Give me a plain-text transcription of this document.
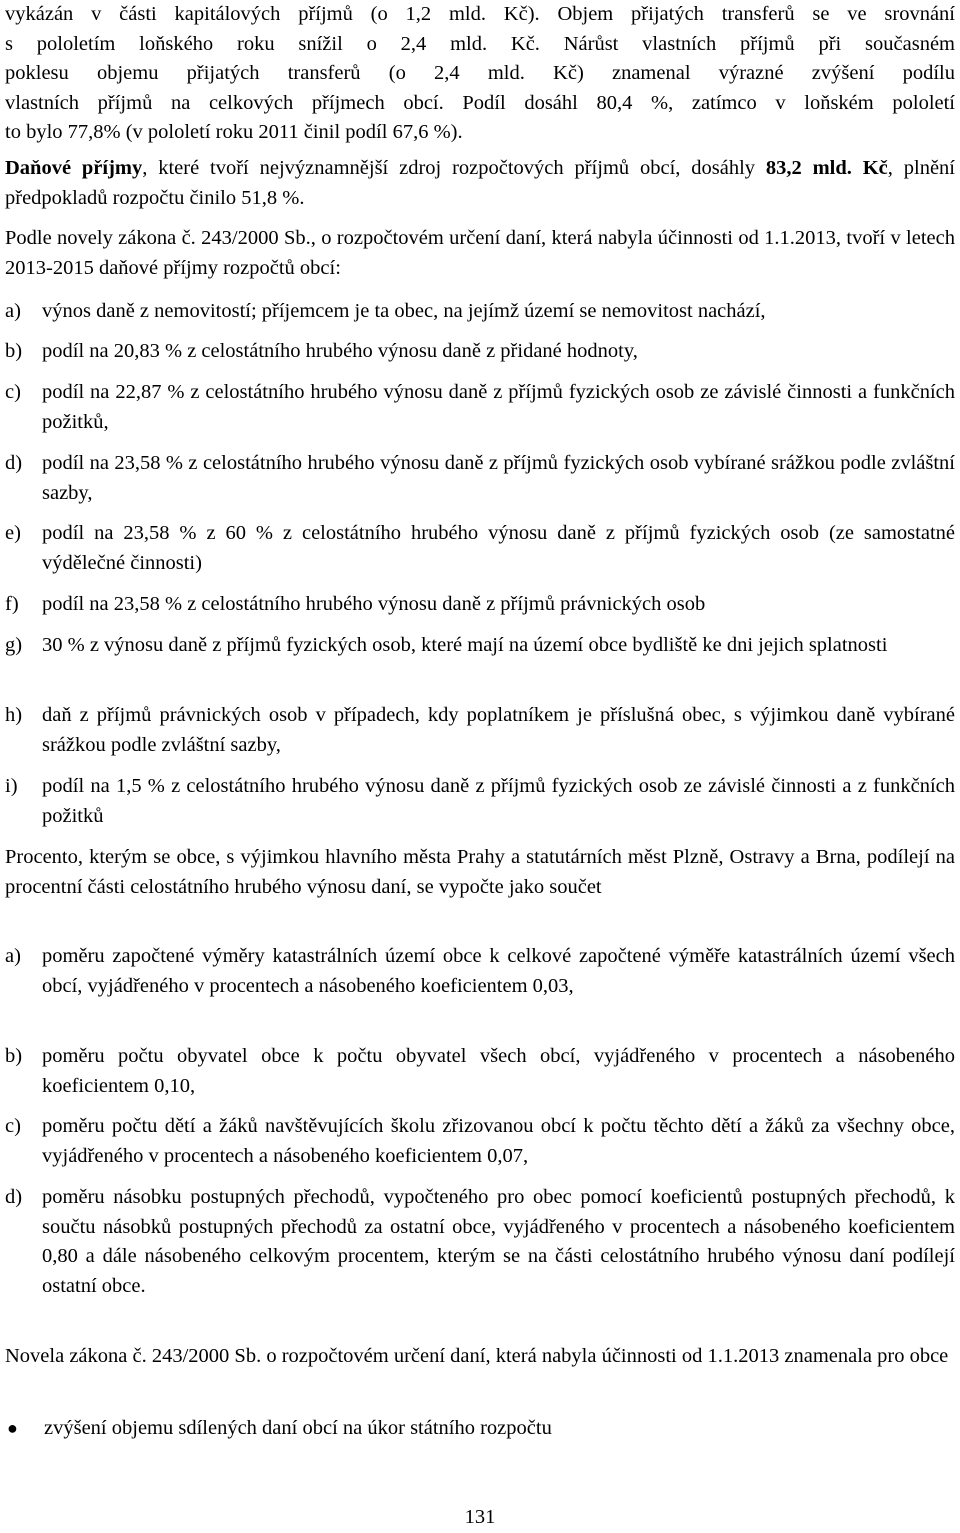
vykázán v části kapitálových příjmů (o 1,2 mld. Kč). Objem přijatých transferů se ve srovnání

s pololetím loňského roku snížil o 2,4 mld. Kč. Nárůst vlastních příjmů při současném

poklesu objemu přijatých transferů (o 2,4 mld. Kč) znamenal výrazné zvýšení podílu

vlastních příjmů na celkových příjmech obcí. Podíl dosáhl 80,4 %, zatímco v loňském pololetí

to bylo 77,8% (v pololetí roku 2011 činil podíl 67,6 %).

Daňové příjmy, které tvoří nejvýznamnější zdroj rozpočtových příjmů obcí, dosáhly 83,2 mld. Kč, plnění předpokladů rozpočtu činilo 51,8 %.

Podle novely zákona č. 243/2000 Sb., o rozpočtovém určení daní, která nabyla účinnosti od 1.1.2013, tvoří v letech 2013-2015 daňové příjmy rozpočtů obcí:

a)	výnos daně z nemovitostí; příjemcem je ta obec, na jejímž území se nemovitost nachází,
b) podíl na 20,83 % z celostátního hrubého výnosu daně z přidané hodnoty,
c)	podíl na 22,87 % z celostátního hrubého výnosu daně z příjmů fyzických osob ze závislé činnosti a funkčních požitků,
d) podíl na 23,58 % z celostátního hrubého výnosu daně z příjmů fyzických osob vybírané srážkou podle zvláštní sazby,
e)	podíl na 23,58 % z 60 % z celostátního hrubého výnosu daně z příjmů fyzických osob (ze samostatné výdělečné činnosti)
f)	podíl na 23,58 % z celostátního hrubého výnosu daně z příjmů právnických osob
g) 30 % z výnosu daně z příjmů fyzických osob, které mají na území obce bydliště ke dni jejich splatnosti
h) daň z příjmů právnických osob v případech, kdy poplatníkem je příslušná obec, s výjimkou daně vybírané srážkou podle zvláštní sazby,
i)	podíl na 1,5 % z celostátního hrubého výnosu daně z příjmů fyzických osob ze závislé činnosti a z funkčních požitků

Procento, kterým se obce, s výjimkou hlavního města Prahy a statutárních měst Plzně, Ostravy a Brna, podílejí na procentní části celostátního hrubého výnosu daní, se vypočte jako součet

a)	poměru započtené výměry katastrálních území obce k celkové započtené výměře katastrálních území všech obcí, vyjádřeného v procentech a násobeného koeficientem 0,03,
b) poměru počtu obyvatel obce k počtu obyvatel všech obcí, vyjádřeného v procentech a násobeného koeficientem 0,10,
c)	poměru počtu dětí a žáků navštěvujících školu zřizovanou obcí k počtu těchto dětí a žáků za všechny obce, vyjádřeného v procentech a násobeného koeficientem 0,07,
d) poměru násobku postupných přechodů, vypočteného pro obec pomocí koeficientů postupných přechodů, k součtu násobků postupných přechodů za ostatní obce, vyjádřeného v procentech a násobeného koeficientem 0,80 a dále násobeného celkovým procentem, kterým se na části celostátního hrubého výnosu daní podílejí ostatní obce.

Novela zákona č. 243/2000 Sb. o rozpočtovém určení daní, která nabyla účinnosti od 1.1.2013 znamenala pro obce

●	zvýšení objemu sdílených daní obcí na úkor státního rozpočtu
131
